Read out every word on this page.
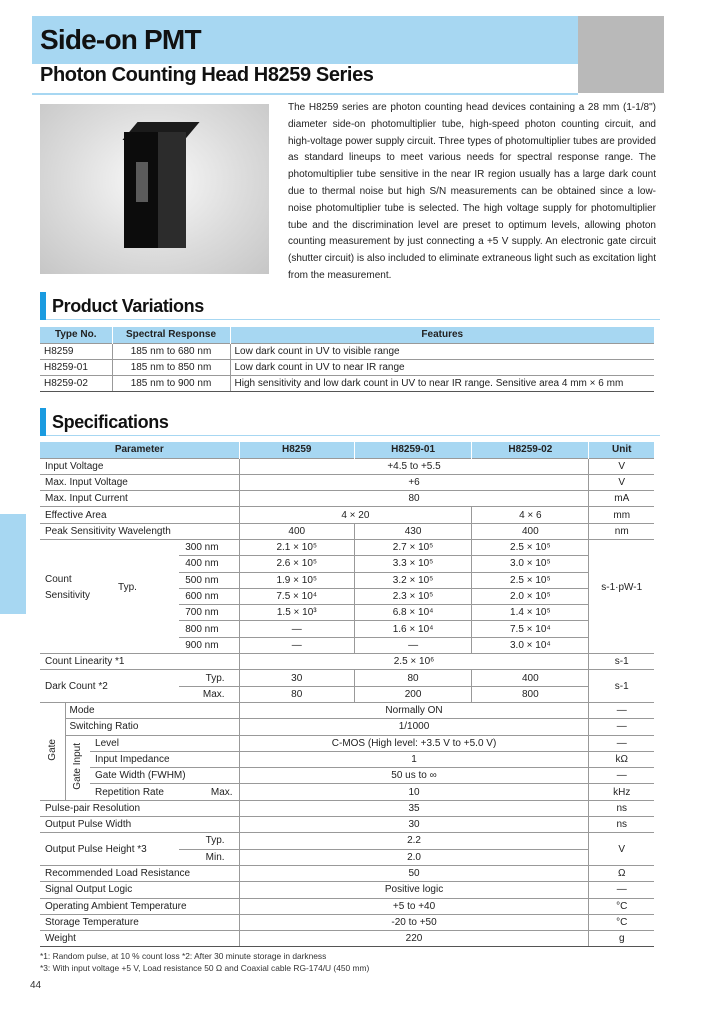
Side-on PMT
Photon Counting Head H8259 Series
The H8259 series are photon counting head devices containing a 28 mm (1-1/8") diameter side-on photomultiplier tube, high-speed photon counting circuit, and high-voltage power supply circuit. Three types of photomultiplier tubes are provided as standard lineups to meet various needs for spectral response range. The photomultiplier tube sensitive in the near IR region usually has a large dark count due to thermal noise but high S/N measurements can be obtained since a low-noise photomultiplier tube is selected. The high voltage supply for photomultiplier tube and the discrimination level are preset to optimum levels, allowing photon counting measurement by just connecting a +5 V supply. An electronic gate circuit (shutter circuit) is also included to eliminate extraneous light such as excitation light from the measurement.
Product Variations
Type No.	Spectral Response	Features
H8259	185 nm to 680 nm	Low dark count in UV to visible range
H8259-01	185 nm to 850 nm	Low dark count in UV to near IR range
H8259-02	185 nm to 900 nm	High sensitivity and low dark count in UV to near IR range. Sensitive area 4 mm × 6 mm
Specifications
Parameter				H8259	H8259-01	H8259-02	Unit
Input Voltage				+4.5 to +5.5			V
Max. Input Voltage				+6			V
Max. Input Current				80			mA
Effective Area				4 × 20		4 × 6	mm
Peak Sensitivity Wavelength				400	430	400	nm

Count
Sensitivity		Typ.	300 nm	2.1 × 10⁵	2.7 × 10⁵	2.5 × 10⁵	s-1·pW-1
			400 nm	2.6 × 10⁵	3.3 × 10⁵	3.0 × 10⁵	
			500 nm	1.9 × 10⁵	3.2 × 10⁵	2.5 × 10⁵	
			600 nm	7.5 × 10⁴	2.3 × 10⁵	2.0 × 10⁵	
			700 nm	1.5 × 10³	6.8 × 10⁴	1.4 × 10⁵	
			800 nm	—	1.6 × 10⁴	7.5 × 10⁴	
			900 nm	—	—	3.0 × 10⁴	
Count Linearity *1				2.5 × 10⁶			s-1
Dark Count *2			Typ.	30	80	400	s-1
			Max.	80	200	800	
Gate	Mode			Normally ON			—
	Switching Ratio			1/1000			—
	Gate Input	Level		C-MOS (High level: +3.5 V to +5.0 V)			—
		Input Impedance		1			kΩ
		Gate Width (FWHM)		50 us to ∞			—
		Repetition Rate	Max.	10			kHz
Pulse-pair Resolution				35			ns
Output Pulse Width				30			ns
Output Pulse Height *3			Typ.	2.2			V
			Min.	2.0			
Recommended Load Resistance				50			Ω
Signal Output Logic				Positive logic			—
Operating Ambient Temperature				+5 to +40			°C
Storage Temperature				-20 to +50			°C
Weight				220			g
*1: Random pulse, at 10 % count loss *2: After 30 minute storage in darkness
*3: With input voltage +5 V, Load resistance 50 Ω and Coaxial cable RG-174/U (450 mm)
44
